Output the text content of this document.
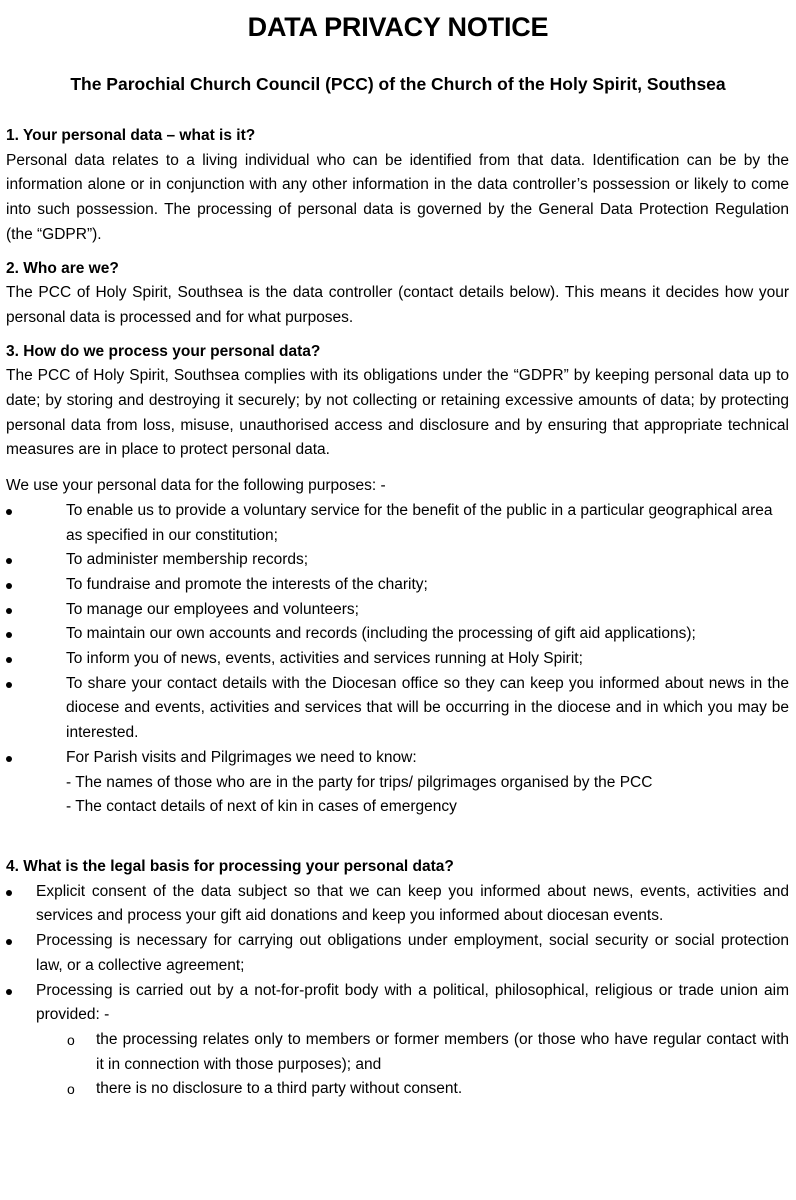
DATA PRIVACY NOTICE
The Parochial Church Council (PCC) of the Church of the Holy Spirit, Southsea

1. Your personal data – what is it?

Personal data relates to a living individual who can be identified from that data. Identification can be by the information alone or in conjunction with any other information in the data controller’s possession or likely to come into such possession. The processing of personal data is governed by the General Data Protection Regulation (the “GDPR”).

2. Who are we?

The PCC of Holy Spirit, Southsea is the data controller (contact details below). This means it decides how your personal data is processed and for what purposes.

3. How do we process your personal data?

The PCC of Holy Spirit, Southsea complies with its obligations under the “GDPR” by keeping personal data up to date; by storing and destroying it securely; by not collecting or retaining excessive amounts of data; by protecting personal data from loss, misuse, unauthorised access and disclosure and by ensuring that appropriate technical measures are in place to protect personal data.

We use your personal data for the following purposes: -

To enable us to provide a voluntary service for the benefit of the public in a particular geographical area as specified in our constitution;
To administer membership records;
To fundraise and promote the interests of the charity;
To manage our employees and volunteers;
To maintain our own accounts and records (including the processing of gift aid applications);
To inform you of news, events, activities and services running at Holy Spirit;
To share your contact details with the Diocesan office so they can keep you informed about news in the diocese and events, activities and services that will be occurring in the diocese and in which you may be interested.
For Parish visits and Pilgrimages we need to know:

- The names of those who are in the party for trips/ pilgrimages organised by the PCC

- The contact details of next of kin in cases of emergency

4. What is the legal basis for processing your personal data?

Explicit consent of the data subject so that we can keep you informed about news, events, activities and services and process your gift aid donations and keep you informed about diocesan events.
Processing is necessary for carrying out obligations under employment, social security or social protection law, or a collective agreement;
Processing is carried out by a not-for-profit body with a political, philosophical, religious or trade union aim provided: -
o the processing relates only to members or former members (or those who have regular contact with it in connection with those purposes); and
o there is no disclosure to a third party without consent.
